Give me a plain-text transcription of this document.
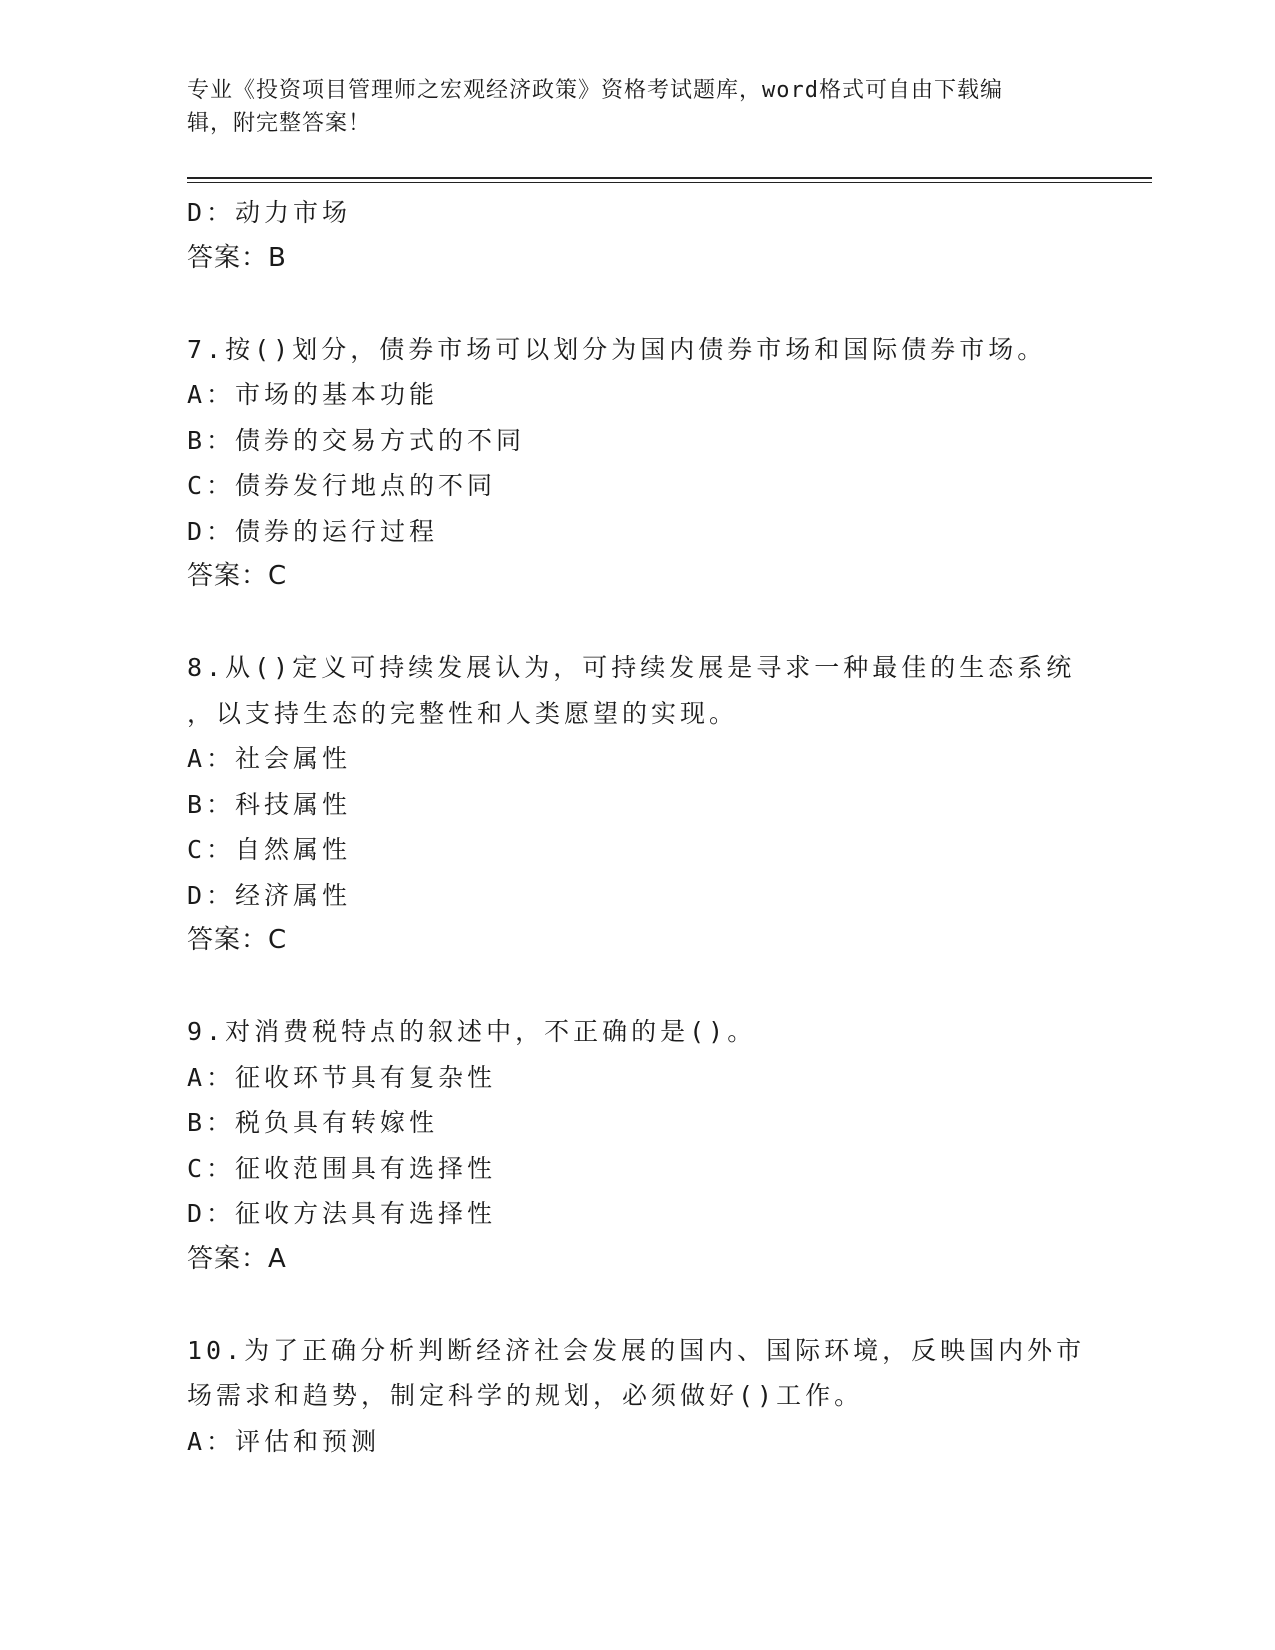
专业《投资项目管理师之宏观经济政策》资格考试题库，word格式可自由下载编
辑，附完整答案！
D：动力市场
答案：B
7.按()划分，债券市场可以划分为国内债券市场和国际债券市场。
A：市场的基本功能
B：债券的交易方式的不同
C：债券发行地点的不同
D：债券的运行过程
答案：C
8.从()定义可持续发展认为，可持续发展是寻求一种最佳的生态系统
，以支持生态的完整性和人类愿望的实现。
A：社会属性
B：科技属性
C：自然属性
D：经济属性
答案：C
9.对消费税特点的叙述中，不正确的是()。
A：征收环节具有复杂性
B：税负具有转嫁性
C：征收范围具有选择性
D：征收方法具有选择性
答案：A
10.为了正确分析判断经济社会发展的国内、国际环境，反映国内外市
场需求和趋势，制定科学的规划，必须做好()工作。
A：评估和预测
